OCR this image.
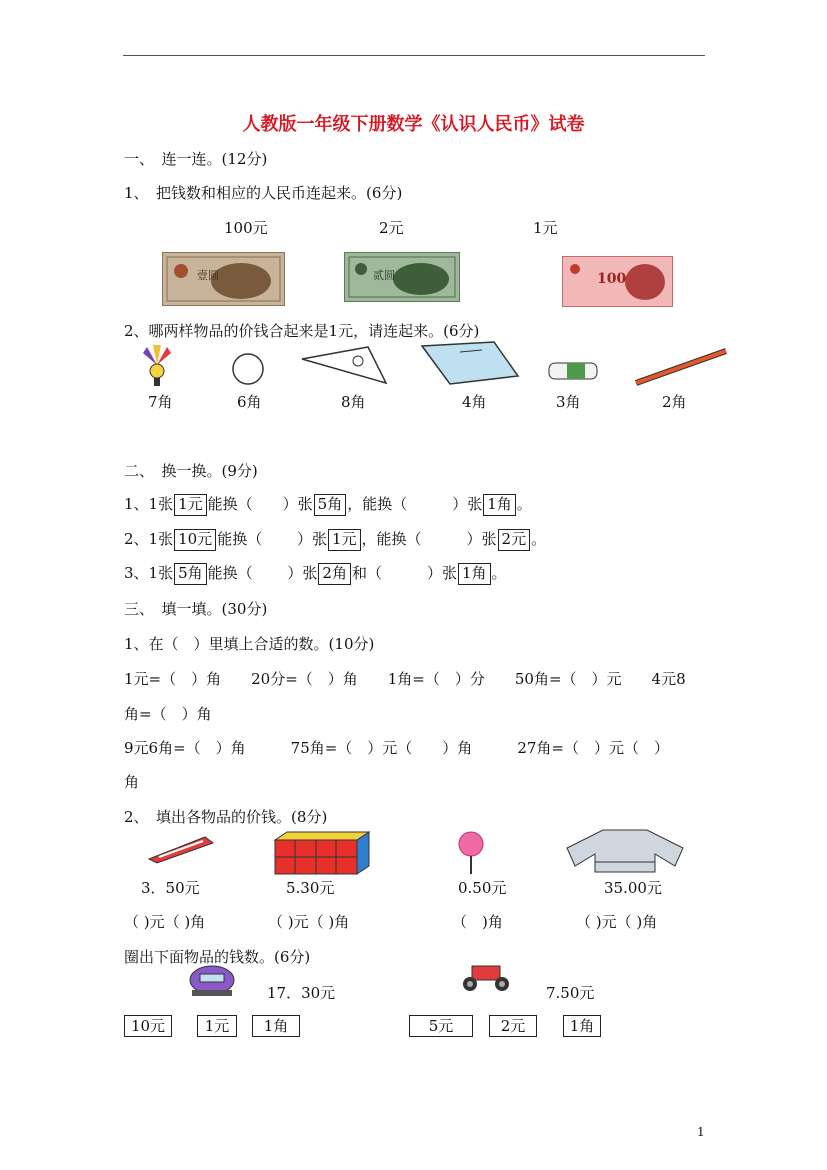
人教版一年级下册数学《认识人民币》试卷
一、　连一连。(12分)
1、　把钱数和相应的人民币连起来。(6分)
100元	2元	1元
壹圆	贰圆	100
2、哪两样物品的价钱合起来是1元，请连起来。(6分)
7角	6角	8角	4角	3角	2角
二、　换一换。(9分)
1、1张 1元 能换（　　）张 5角 ，能换（　　　）张 1角 。
2、1张 10元 能换（　　 ）张 1元 ，能换（　　　）张 2元 。
3、1张 5角 能换（　　 ）张 2角 和（　　　）张 1角 。
三、　填一填。(30分)
1、在（　）里填上合适的数。(10分)
1元=（　）角　　20分=（　）角　　1角=（　）分　　50角=（　）元　　4元8
角=（　）角
9元6角=（　）角　　　75角=（　）元（　　）角　　　27角=（　）元（　）
角
2、　填出各物品的价钱。(8分)
3．50元	5.30元	0.50元	35.00元
（ )元（ )角	（ )元（ )角	（　)角	（ )元（ )角
圈出下面物品的钱数。(6分)
17．30元	7.50元
10元	1元	1角	5元	2元	1角
1
